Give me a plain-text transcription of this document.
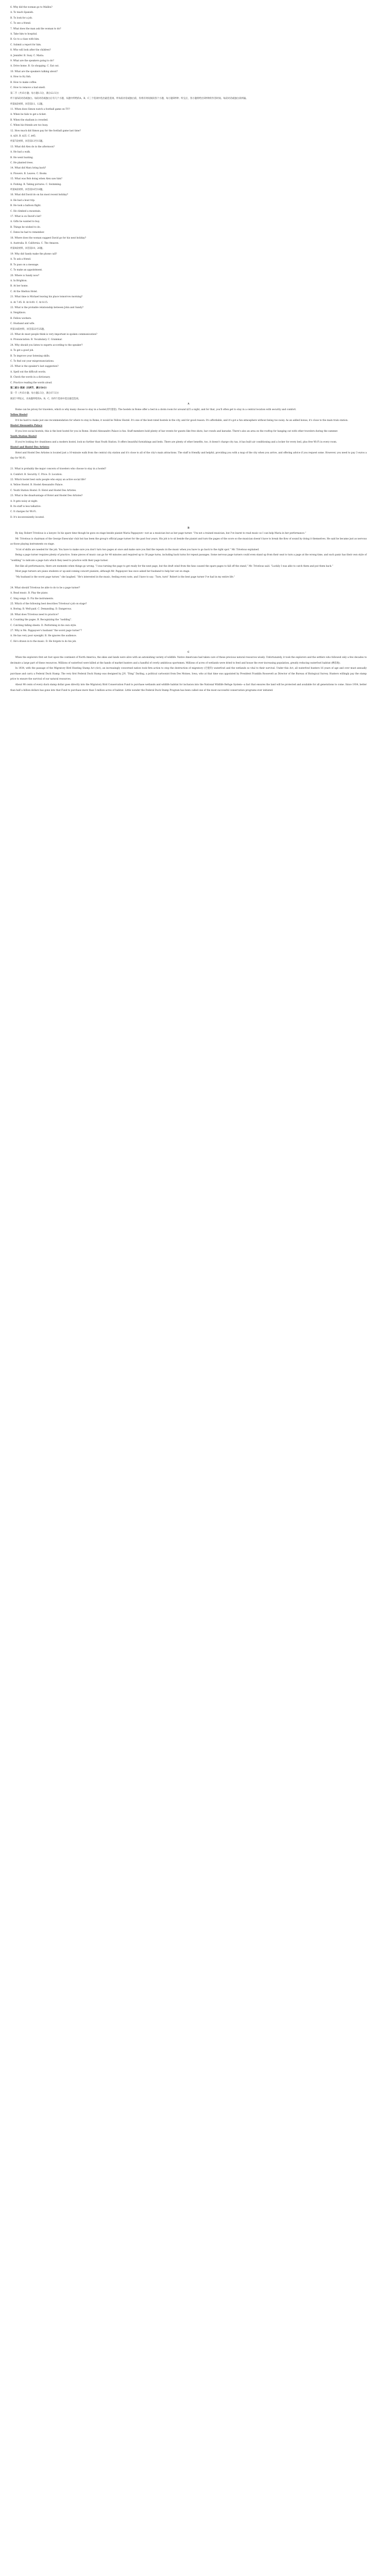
6. Why did the woman go to Malibu?
A. To teach Spanish.
B. To look for a job.
C. To see a friend.
7. What does the man ask the woman to do?
A. Take him to hospital.
B. Go to a class with him.
C. Submit a report for him.
8. Who will look after the children?
A. Jennifer. B. Susy. C. Maria.
9. What are the speakers going to do?
A. Drive home. B. Go shopping. C. Eat out.
10. What are the speakers talking about?
A. How to fry fish.
B. How to make coffee.
C. How to remove a bad smell.
第二节（共15小题；每小题1.5分，满分22.5分）
听下面5段对话或独白。每段对话或独白后有几个小题，从题中所给的A、B、C三个选项中选出最佳选项。听每段对话或独白前，你将有时间阅读各个小题，每小题5秒钟；听完后，各小题将给出5秒钟的作答时间。每段对话或独白读两遍。
听第6段材料，回答第11、12题。
11. When does Simon watch a football game on TV?
A. When he fails to get a ticket.
B. When the stadium is crowded.
C. When his friends are too busy.
12. How much did Simon pay for the football game last time?
A. $20. B. $25. C. $45.
听第7段材料，回答第13至15题。
13. What did Alex do in the afternoon?
A. He had a walk.
B. He went hunting.
C. He planted trees.
14. What did Mary bring back?
A. Flowers. B. Leaves. C. Books.
15. What was Bob doing when Alex saw him?
A. Fishing. B. Taking pictures. C. Swimming.
听第8段材料，回答第16至18题。
16. What did David do on his most recent holiday?
A. He had a boat trip.
B. He took a balloon flight.
C. He climbed a mountain.
17. What is on David's list?
A. Gifts he wanted to buy.
B. Things he wished to do.
C. Dates he had to remember.
18. Where does the woman suggest David go for his next holiday?
A. Australia. B. California. C. The Amazon.
听第9段材料，回答第19、20题。
19. Why did Sandy make the phone call?
A. To ask a friend.
B. To pass on a message.
C. To make an appointment.
20. Where is Sandy now?
A. In Brighton.
B. At her home.
C. At the Shelton Hotel.
21. What time is Michael leaving his place tomorrow morning?
A. At 7:45. B. At 8:00. C. At 8:15.
22. What is the probable relationship between John and Sandy?
A. Neighbors.
B. Fellow workers.
C. Husband and wife.
听第10段材料，回答第23至25题。
23. What do most people think is very important in spoken communication?
A. Pronunciation. B. Vocabulary. C. Grammar.
24. Why should you listen to experts according to the speaker?
A. To get a good job.
B. To improve your listening skills.
C. To find out your mispronunciations.
25. What is the speaker's last suggestion?
A. Spell out the difficult words.
B. Check the words in a dictionary.
C. Practice reading the words aloud.
第二部分 阅读（共两节，满分50分）
第一节（共15小题；每小题2.5分，满分37.5分）
阅读下列短文，从每题所给的A、B、C、D四个选项中选出最佳选项。
A
Rome can be pricey for travelers, which is why many choose to stay in a hostel(青年旅馆). The hostels in Rome offer a bed in a dorm room for around $25 a night, and for that, you'll often get to stay in a central location with security and comfort.
Yellow Hostel
It'd be hard to make just one recommendation for where to stay in Rome; it would be Yellow Hostel. It's one of the best-rated hostels in the city, and for good reason. It's affordable, and it's got a fun atmosphere without being too noisy. As an added bonus, it's close to the main train station.
Hostel Alessandro Palace
If you love social hostels, this is the best hostel for you in Rome. Hostel Alessandro Palace is fun. Staff members hold plenty of bar events for guests like free shots, bar crawls and karaoke. There's also an area on the rooftop for hanging out with other travelers during the summer.
Youth Station Hostel
If you're looking for cleanliness and a modern hostel, look no further than Youth Station. It offers beautiful furnishings and beds. There are plenty of other benefits, too, it doesn't charge city tax, it has built air conditioning and a locker for every bed, plus free Wi-Fi in every room.
Hostel and Hostel Des Artistes
Hotel and Hostel Des Artistes is located just a 10-minute walk from the central city station and it's close to all of the city's main attractions. The staff is friendly and helpful, providing you with a map of the city when you arrive, and offering advice if you request some. However, you need to pay 3 euros a day for Wi-Fi.
21. What is probably the major concern of travelers who choose to stay in a hostel?
A. Comfort. B. Security. C. Price. D. Location.
22. Which hostel best suits people who enjoy an active social life?
A. Yellow Hostel. B. Hostel Alessandro Palace.
C. Youth Station Hostel. D. Hotel and Hostel Des Artistes.
23. What is the disadvantage of Hotel and Hostel Des Artistes?
A. It gets noisy at night.
B. Its staff is less talkative.
C. It charges for Wi-Fi.
D. It's inconveniently located.
B
By day, Robert Trivelous is a lawyer. In his spare time though he goes on stage beside pianist Maria Pappayoev—not as a musician but as her page turner. “I'm not a trained musician, but I've learnt to read music so I can help Maria in her performance.”
Mr. Trivelous is chairman of the George Enescular club but has been the group's official page turner for the past four years. His job is to sit beside the pianist and turn the pages of the score so the musician doesn't have to break the flow of sound by doing it themselves. He said he became just as nervous as those playing instruments on stage.
“A lot of skills are needed for the job. You have to make sure you don't turn two pages at once and make sure you find the repeats in the music when you have to go back to the right spot.” Mr. Trivelous explained.
Being a page turner requires plenty of practice. Some pieces of music can go for 40 minutes and required up to 30 page turns, including back turns for repeat passages. Some nervous page turners could even stand up from their seat to turn a page at the wrong time, and such panic has their own style of “nodding” to indicate a page turn which they need to practice with their page turner.
But like all performances, there are moments when things go wrong. “I was turning the page to get ready for the next page, but the draft wind from the fans caused the spare pages to fall off the stand,” Mr. Trivelous said. “Luckily I was able to catch them and put them back.”
Most page turners are piano students or up-and-coming concert pianists, although Mr. Pappayoev has once asked her husband to help her out on stage.
“My husband is the worst page turner,” she laughed. “He's interested in the music, feeling every note, and I have to say: ‘Turn, turn!’ Robert is the best page turner I've had in my entire life.”
24. What should Trivelous be able to do to be a page turner?
A. Read music. B. Play the piano.
C. Sing songs. D. Fix the instruments.
25. Which of the following best describes Trivelous's job on stage?
A. Boring. B. Well-paid. C. Demanding. D. Dangerous.
26. What does Trivelous need to practice?
A. Counting the pages. B. Recognizing the “nodding”.
C. Catching falling sheets. D. Performing in his own style.
27. Why is Ms. Pappayoev's husband “the worst page turner”?
A. He has very poor eyesight. B. He ignores the audience.
C. He's drawn in to the music. D. He forgets to do his job.
C
When the explorers first set foot upon the continent of North America, the skies and lands were alive with an astonishing variety of wildlife. Native Americans had taken care of these precious natural resources wisely. Unfortunately, it took the explorers and the settlers who followed only a few decades to decimate a large part of these resources. Millions of waterfowl were killed at the hands of market hunters and a handful of overly ambitious sportsmen. Millions of acres of wetlands were dried to feed and house the ever-increasing population, greatly reducing waterfowl habitat (栖息地).
In 1934, with the passage of the Migratory Bird Hunting Stamp Act (Act), an increasingly concerned nation took firm action to stop the destruction of migratory (迁徙的) waterfowl and the wetlands so vital to their survival. Under this Act, all waterfowl hunters 16 years of age and over must annually purchase and carry a Federal Duck Stamp. The very first Federal Duck Stamp was designed by J.N. “Ding” Darling, a political cartoonist from Des Moines, Iowa, who at that time was appointed by President Franklin Roosevelt as Director of the Bureau of Biological Survey. Hunters willingly pay the stamp price to ensure the survival of our natural resources.
About 98 cents of every duck stamp dollar goes directly into the Migratory Bird Conservation Fund to purchase wetlands and wildlife habitat for inclusion into the National Wildlife Refuge System—a fact that ensures the land will be protected and available for all generations to come. Since 1934, better than half a billion dollars has gone into that Fund to purchase more than 5 million acres of habitat. Little wonder the Federal Duck Stamp Program has been called one of the most successful conservation programs ever initiated.
